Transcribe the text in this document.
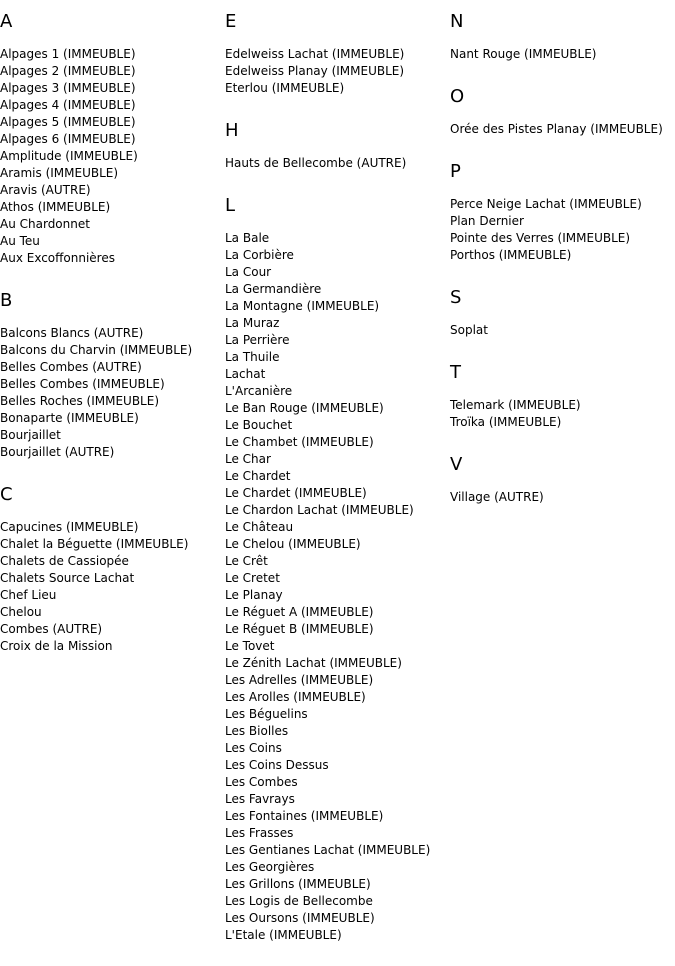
A
Alpages 1 (IMMEUBLE)
Alpages 2 (IMMEUBLE)
Alpages 3 (IMMEUBLE)
Alpages 4 (IMMEUBLE)
Alpages 5 (IMMEUBLE)
Alpages 6 (IMMEUBLE)
Amplitude (IMMEUBLE)
Aramis (IMMEUBLE)
Aravis (AUTRE)
Athos (IMMEUBLE)
Au Chardonnet
Au Teu
Aux Excoffonnières
B
Balcons Blancs (AUTRE)
Balcons du Charvin (IMMEUBLE)
Belles Combes (AUTRE)
Belles Combes (IMMEUBLE)
Belles Roches (IMMEUBLE)
Bonaparte (IMMEUBLE)
Bourjaillet
Bourjaillet (AUTRE)
C
Capucines (IMMEUBLE)
Chalet la Béguette (IMMEUBLE)
Chalets de Cassiopée
Chalets Source Lachat
Chef Lieu
Chelou
Combes (AUTRE)
Croix de la Mission
E
Edelweiss Lachat (IMMEUBLE)
Edelweiss Planay (IMMEUBLE)
Eterlou (IMMEUBLE)
H
Hauts de Bellecombe (AUTRE)
L
La Bale
La Corbière
La Cour
La Germandière
La Montagne (IMMEUBLE)
La Muraz
La Perrière
La Thuile
Lachat
L'Arcanière
Le Ban Rouge (IMMEUBLE)
Le Bouchet
Le Chambet (IMMEUBLE)
Le Char
Le Chardet
Le Chardet (IMMEUBLE)
Le Chardon Lachat (IMMEUBLE)
Le Château
Le Chelou (IMMEUBLE)
Le Crêt
Le Cretet
Le Planay
Le Réguet A (IMMEUBLE)
Le Réguet B (IMMEUBLE)
Le Tovet
Le Zénith Lachat (IMMEUBLE)
Les Adrelles (IMMEUBLE)
Les Arolles (IMMEUBLE)
Les Béguelins
Les Biolles
Les Coins
Les Coins Dessus
Les Combes
Les Favrays
Les Fontaines (IMMEUBLE)
Les Frasses
Les Gentianes Lachat (IMMEUBLE)
Les Georgières
Les Grillons (IMMEUBLE)
Les Logis de Bellecombe
Les Oursons (IMMEUBLE)
L'Etale (IMMEUBLE)
N
Nant Rouge (IMMEUBLE)
O
Orée des Pistes Planay (IMMEUBLE)
P
Perce Neige Lachat (IMMEUBLE)
Plan Dernier
Pointe des Verres (IMMEUBLE)
Porthos (IMMEUBLE)
S
Soplat
T
Telemark (IMMEUBLE)
Troïka (IMMEUBLE)
V
Village (AUTRE)
